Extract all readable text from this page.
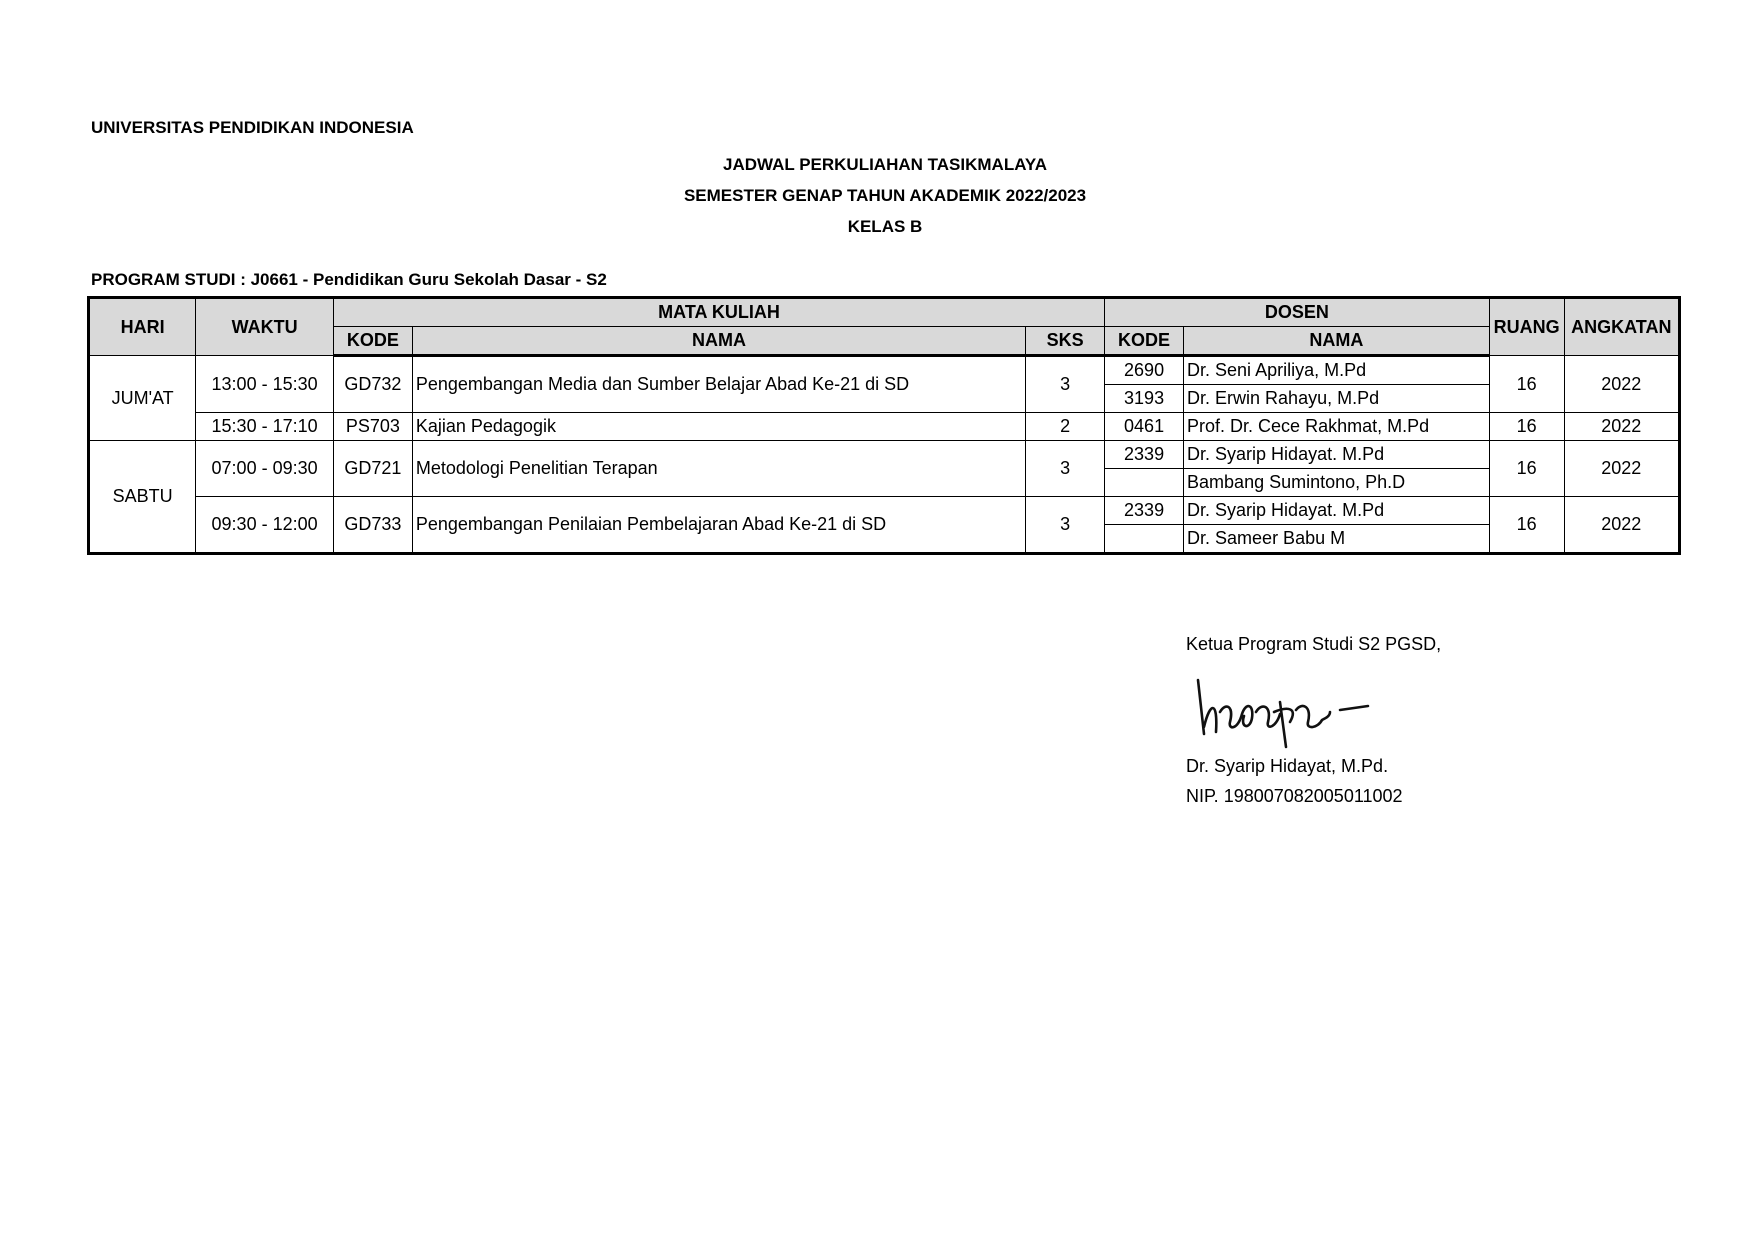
UNIVERSITAS PENDIDIKAN INDONESIA
JADWAL PERKULIAHAN TASIKMALAYA
SEMESTER GENAP TAHUN AKADEMIK 2022/2023
KELAS B
PROGRAM STUDI : J0661 - Pendidikan Guru Sekolah Dasar - S2
HARI	WAKTU	MATA KULIAH			DOSEN		RUANG	ANGKATAN
		KODE	NAMA	SKS	KODE	NAMA		
JUM'AT	13:00 - 15:30	GD732	Pengembangan Media dan Sumber Belajar Abad Ke-21 di SD	3	2690	Dr. Seni Apriliya, M.Pd	16	2022
					3193	Dr. Erwin Rahayu, M.Pd		
	15:30 - 17:10	PS703	Kajian Pedagogik	2	0461	Prof. Dr. Cece Rakhmat, M.Pd	16	2022
SABTU	07:00 - 09:30	GD721	Metodologi Penelitian Terapan	3	2339	Dr. Syarip Hidayat. M.Pd	16	2022
						Bambang Sumintono, Ph.D		
	09:30 - 12:00	GD733	Pengembangan Penilaian Pembelajaran Abad Ke-21 di SD	3	2339	Dr. Syarip Hidayat. M.Pd	16	2022
						Dr. Sameer Babu M		
Ketua Program Studi S2 PGSD,
Dr. Syarip Hidayat, M.Pd.
NIP. 198007082005011002
